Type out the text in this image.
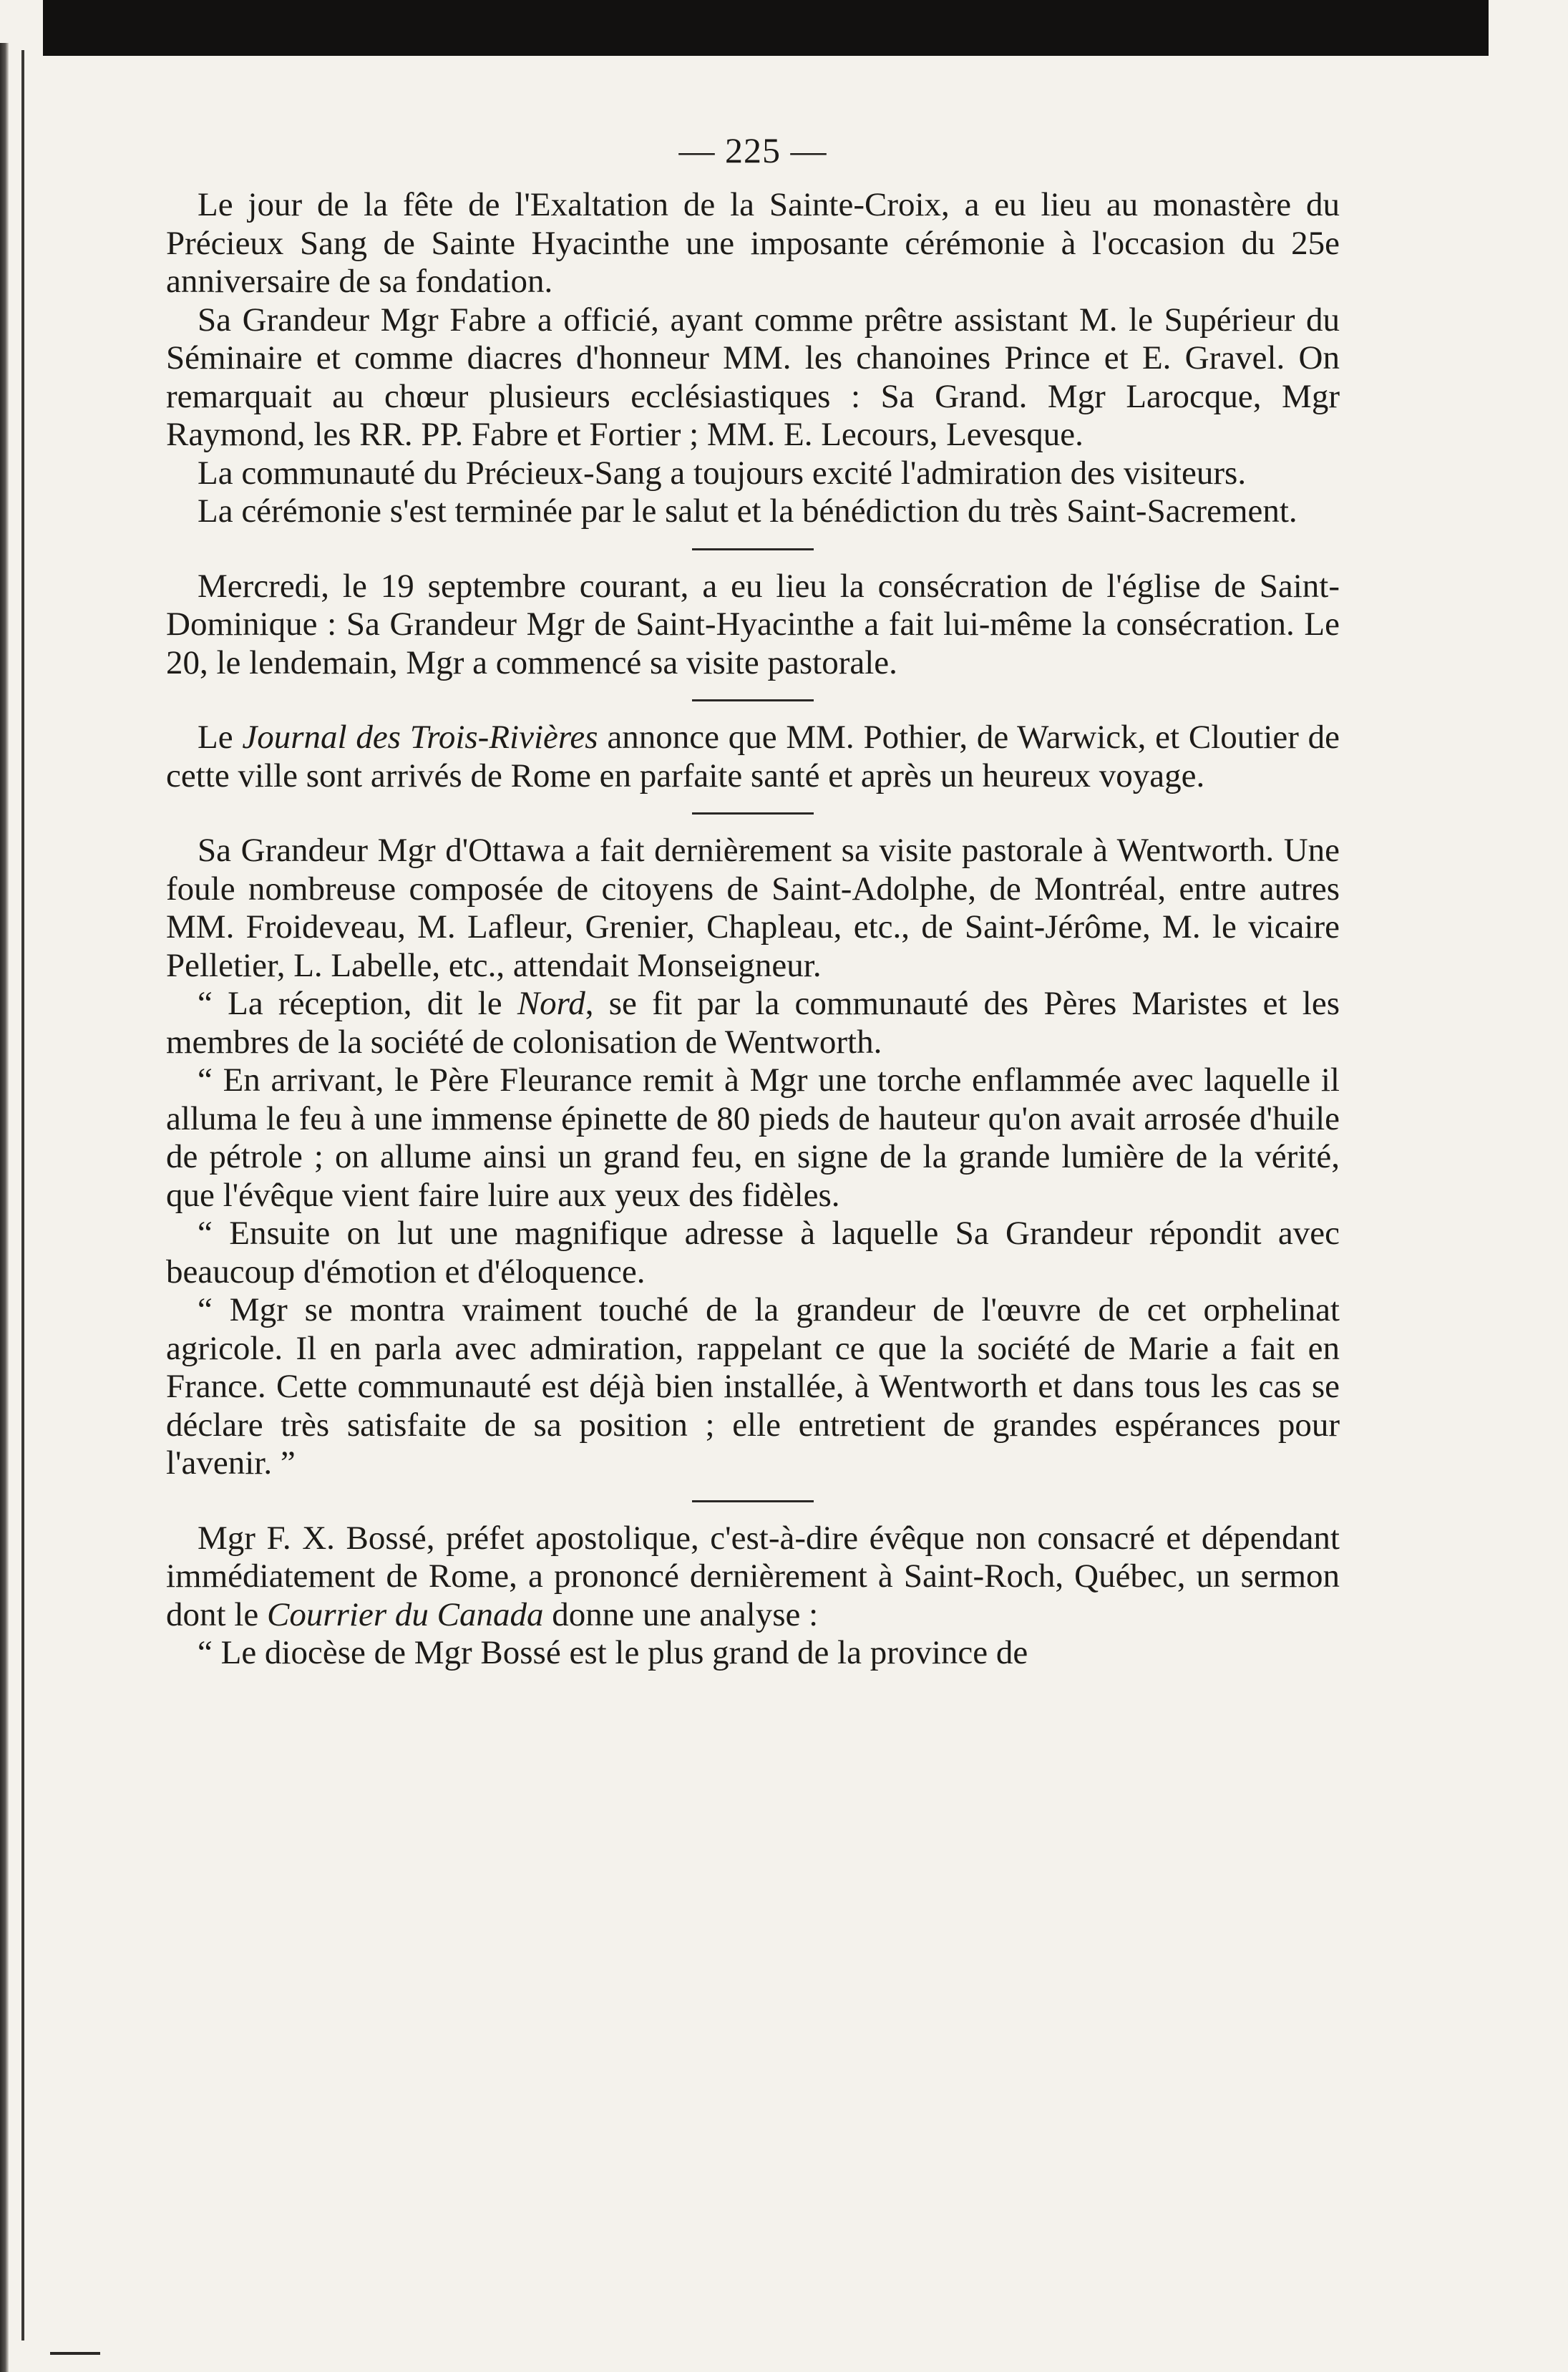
— 225 —

Le jour de la fête de l'Exaltation de la Sainte-Croix, a eu lieu au monastère du Précieux Sang de Sainte Hyacinthe une imposante cérémonie à l'occasion du 25e anniversaire de sa fondation.

Sa Grandeur Mgr Fabre a officié, ayant comme prêtre assistant M. le Supérieur du Séminaire et comme diacres d'honneur MM. les chanoines Prince et E. Gravel. On remarquait au chœur plusieurs ecclésiastiques : Sa Grand. Mgr Larocque, Mgr Raymond, les RR. PP. Fabre et Fortier ; MM. E. Lecours, Levesque.

La communauté du Précieux-Sang a toujours excité l'admiration des visiteurs.

La cérémonie s'est terminée par le salut et la bénédiction du très Saint-Sacrement.

Mercredi, le 19 septembre courant, a eu lieu la consécration de l'église de Saint-Dominique : Sa Grandeur Mgr de Saint-Hyacinthe a fait lui-même la consécration. Le 20, le lendemain, Mgr a commencé sa visite pastorale.

Le Journal des Trois-Rivières annonce que MM. Pothier, de Warwick, et Cloutier de cette ville sont arrivés de Rome en parfaite santé et après un heureux voyage.

Sa Grandeur Mgr d'Ottawa a fait dernièrement sa visite pastorale à Wentworth. Une foule nombreuse composée de citoyens de Saint-Adolphe, de Montréal, entre autres MM. Froideveau, M. Lafleur, Grenier, Chapleau, etc., de Saint-Jérôme, M. le vicaire Pelletier, L. Labelle, etc., attendait Monseigneur.

“ La réception, dit le Nord, se fit par la communauté des Pères Maristes et les membres de la société de colonisation de Wentworth.

“ En arrivant, le Père Fleurance remit à Mgr une torche enflammée avec laquelle il alluma le feu à une immense épinette de 80 pieds de hauteur qu'on avait arrosée d'huile de pétrole ; on allume ainsi un grand feu, en signe de la grande lumière de la vérité, que l'évêque vient faire luire aux yeux des fidèles.

“ Ensuite on lut une magnifique adresse à laquelle Sa Grandeur répondit avec beaucoup d'émotion et d'éloquence.

“ Mgr se montra vraiment touché de la grandeur de l'œuvre de cet orphelinat agricole. Il en parla avec admiration, rappelant ce que la société de Marie a fait en France. Cette communauté est déjà bien installée, à Wentworth et dans tous les cas se déclare très satisfaite de sa position ; elle entretient de grandes espérances pour l'avenir. ”

Mgr F. X. Bossé, préfet apostolique, c'est-à-dire évêque non consacré et dépendant immédiatement de Rome, a prononcé dernièrement à Saint-Roch, Québec, un sermon dont le Courrier du Canada donne une analyse :

“ Le diocèse de Mgr Bossé est le plus grand de la province de
